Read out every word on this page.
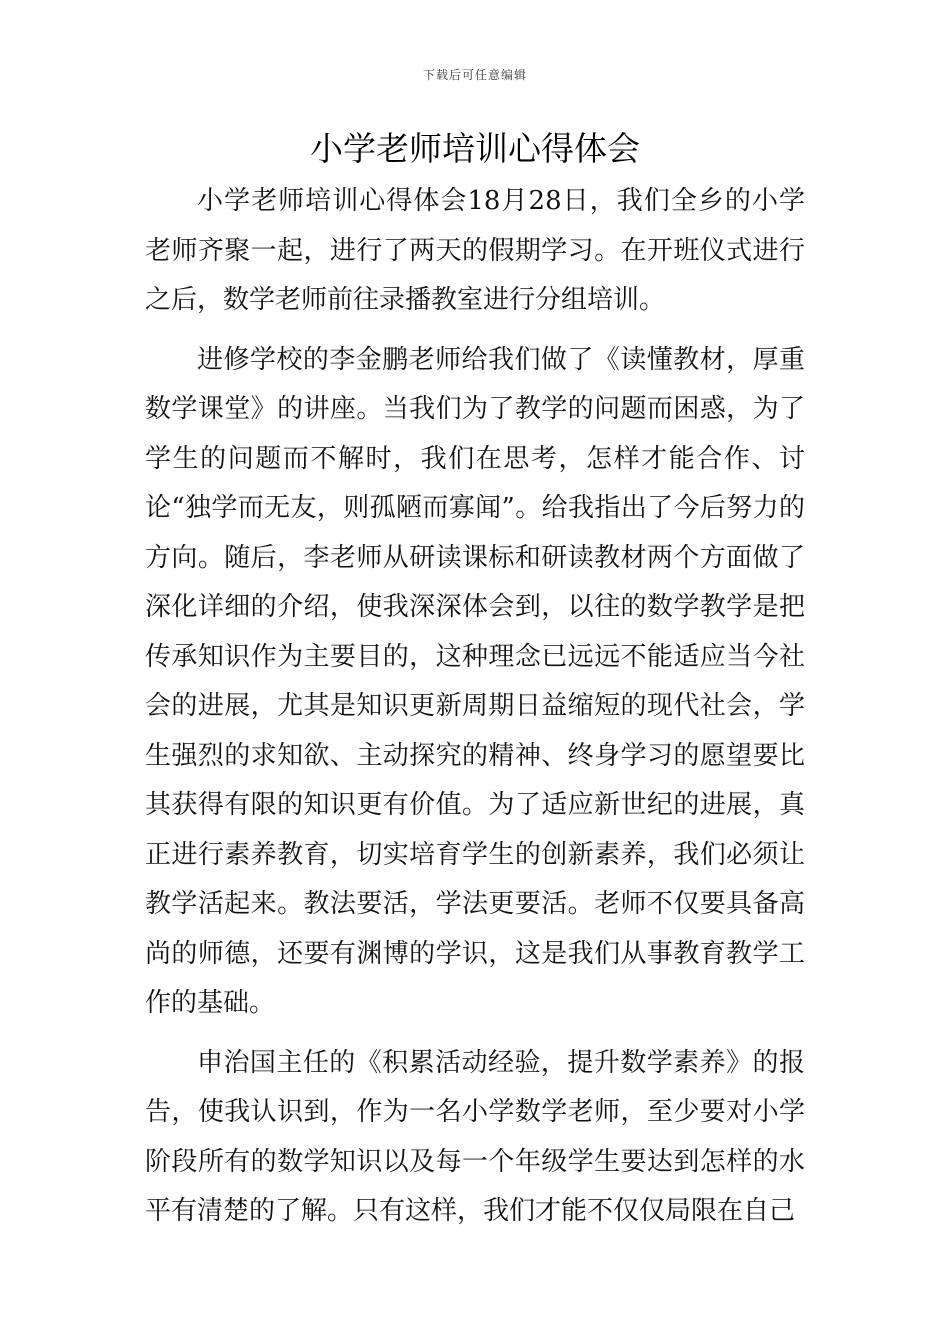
下载后可任意编辑
小学老师培训心得体会

小学老师培训心得体会18月28日，我们全乡的小学老师齐聚一起，进行了两天的假期学习。在开班仪式进行之后，数学老师前往录播教室进行分组培训。

进修学校的李金鹏老师给我们做了《读懂教材，厚重数学课堂》的讲座。当我们为了教学的问题而困惑，为了学生的问题而不解时，我们在思考，怎样才能合作、讨论“独学而无友，则孤陋而寡闻”。给我指出了今后努力的方向。随后，李老师从研读课标和研读教材两个方面做了深化详细的介绍，使我深深体会到，以往的数学教学是把传承知识作为主要目的，这种理念已远远不能适应当今社会的进展，尤其是知识更新周期日益缩短的现代社会，学生强烈的求知欲、主动探究的精神、终身学习的愿望要比其获得有限的知识更有价值。为了适应新世纪的进展，真正进行素养教育，切实培育学生的创新素养，我们必须让教学活起来。教法要活，学法更要活。老师不仅要具备高尚的师德，还要有渊博的学识，这是我们从事教育教学工作的基础。

申治国主任的《积累活动经验，提升数学素养》的报告，使我认识到，作为一名小学数学老师，至少要对小学阶段所有的数学知识以及每一个年级学生要达到怎样的水平有清楚的了解。只有这样，我们才能不仅仅局限在自己
